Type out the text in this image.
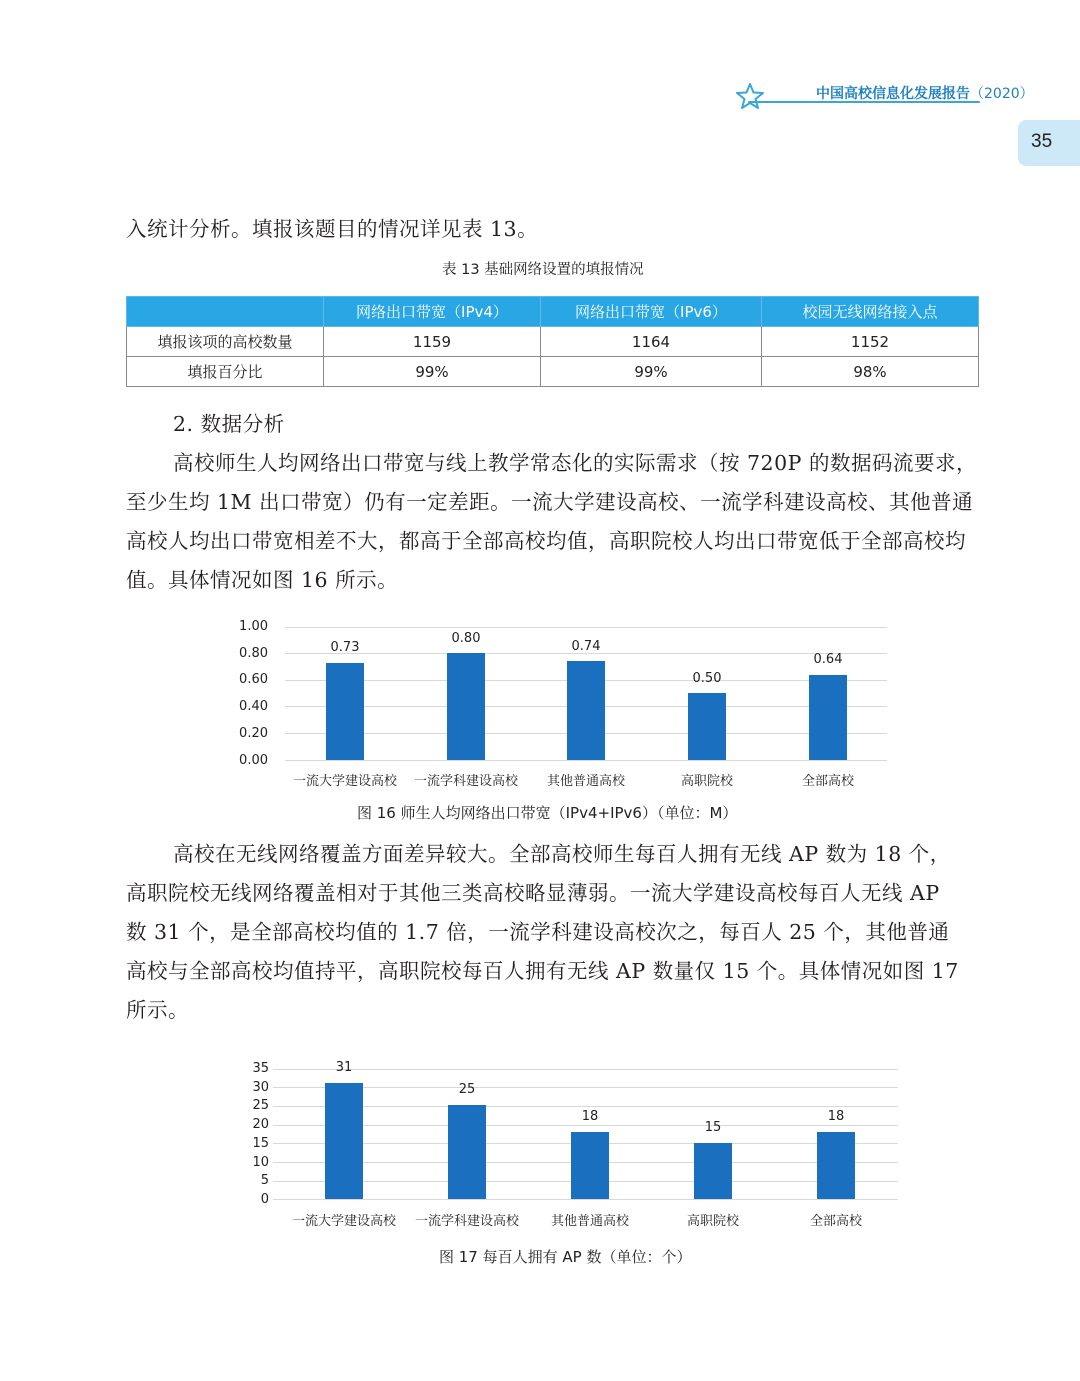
中国高校信息化发展报告（2020）
35
入统计分析。填报该题目的情况详见表 13。
表 13 基础网络设置的填报情况
	网络出口带宽（IPv4）	网络出口带宽（IPv6）	校园无线网络接入点
填报该项的高校数量	1159	1164	1152
填报百分比	99%	99%	98%
2. 数据分析
高校师生人均网络出口带宽与线上教学常态化的实际需求（按 720P 的数据码流要求，
至少生均 1M 出口带宽）仍有一定差距。一流大学建设高校、一流学科建设高校、其他普通
高校人均出口带宽相差不大，都高于全部高校均值，高职院校人均出口带宽低于全部高校均
值。具体情况如图 16 所示。
1.00
0.80
0.60
0.40
0.20
0.00
0.73
0.80
0.74
0.50
0.64
一流大学建设高校	一流学科建设高校	其他普通高校	高职院校	全部高校
图 16 师生人均网络出口带宽（IPv4+IPv6）（单位：M）
高校在无线网络覆盖方面差异较大。全部高校师生每百人拥有无线 AP 数为 18 个，
高职院校无线网络覆盖相对于其他三类高校略显薄弱。一流大学建设高校每百人无线 AP
数 31 个，是全部高校均值的 1.7 倍，一流学科建设高校次之，每百人 25 个，其他普通
高校与全部高校均值持平，高职院校每百人拥有无线 AP 数量仅 15 个。具体情况如图 17
所示。
35
30
25
20
15
10
5
0
31
25
18
15
18
一流大学建设高校	一流学科建设高校	其他普通高校	高职院校	全部高校
图 17 每百人拥有 AP 数（单位：个）
